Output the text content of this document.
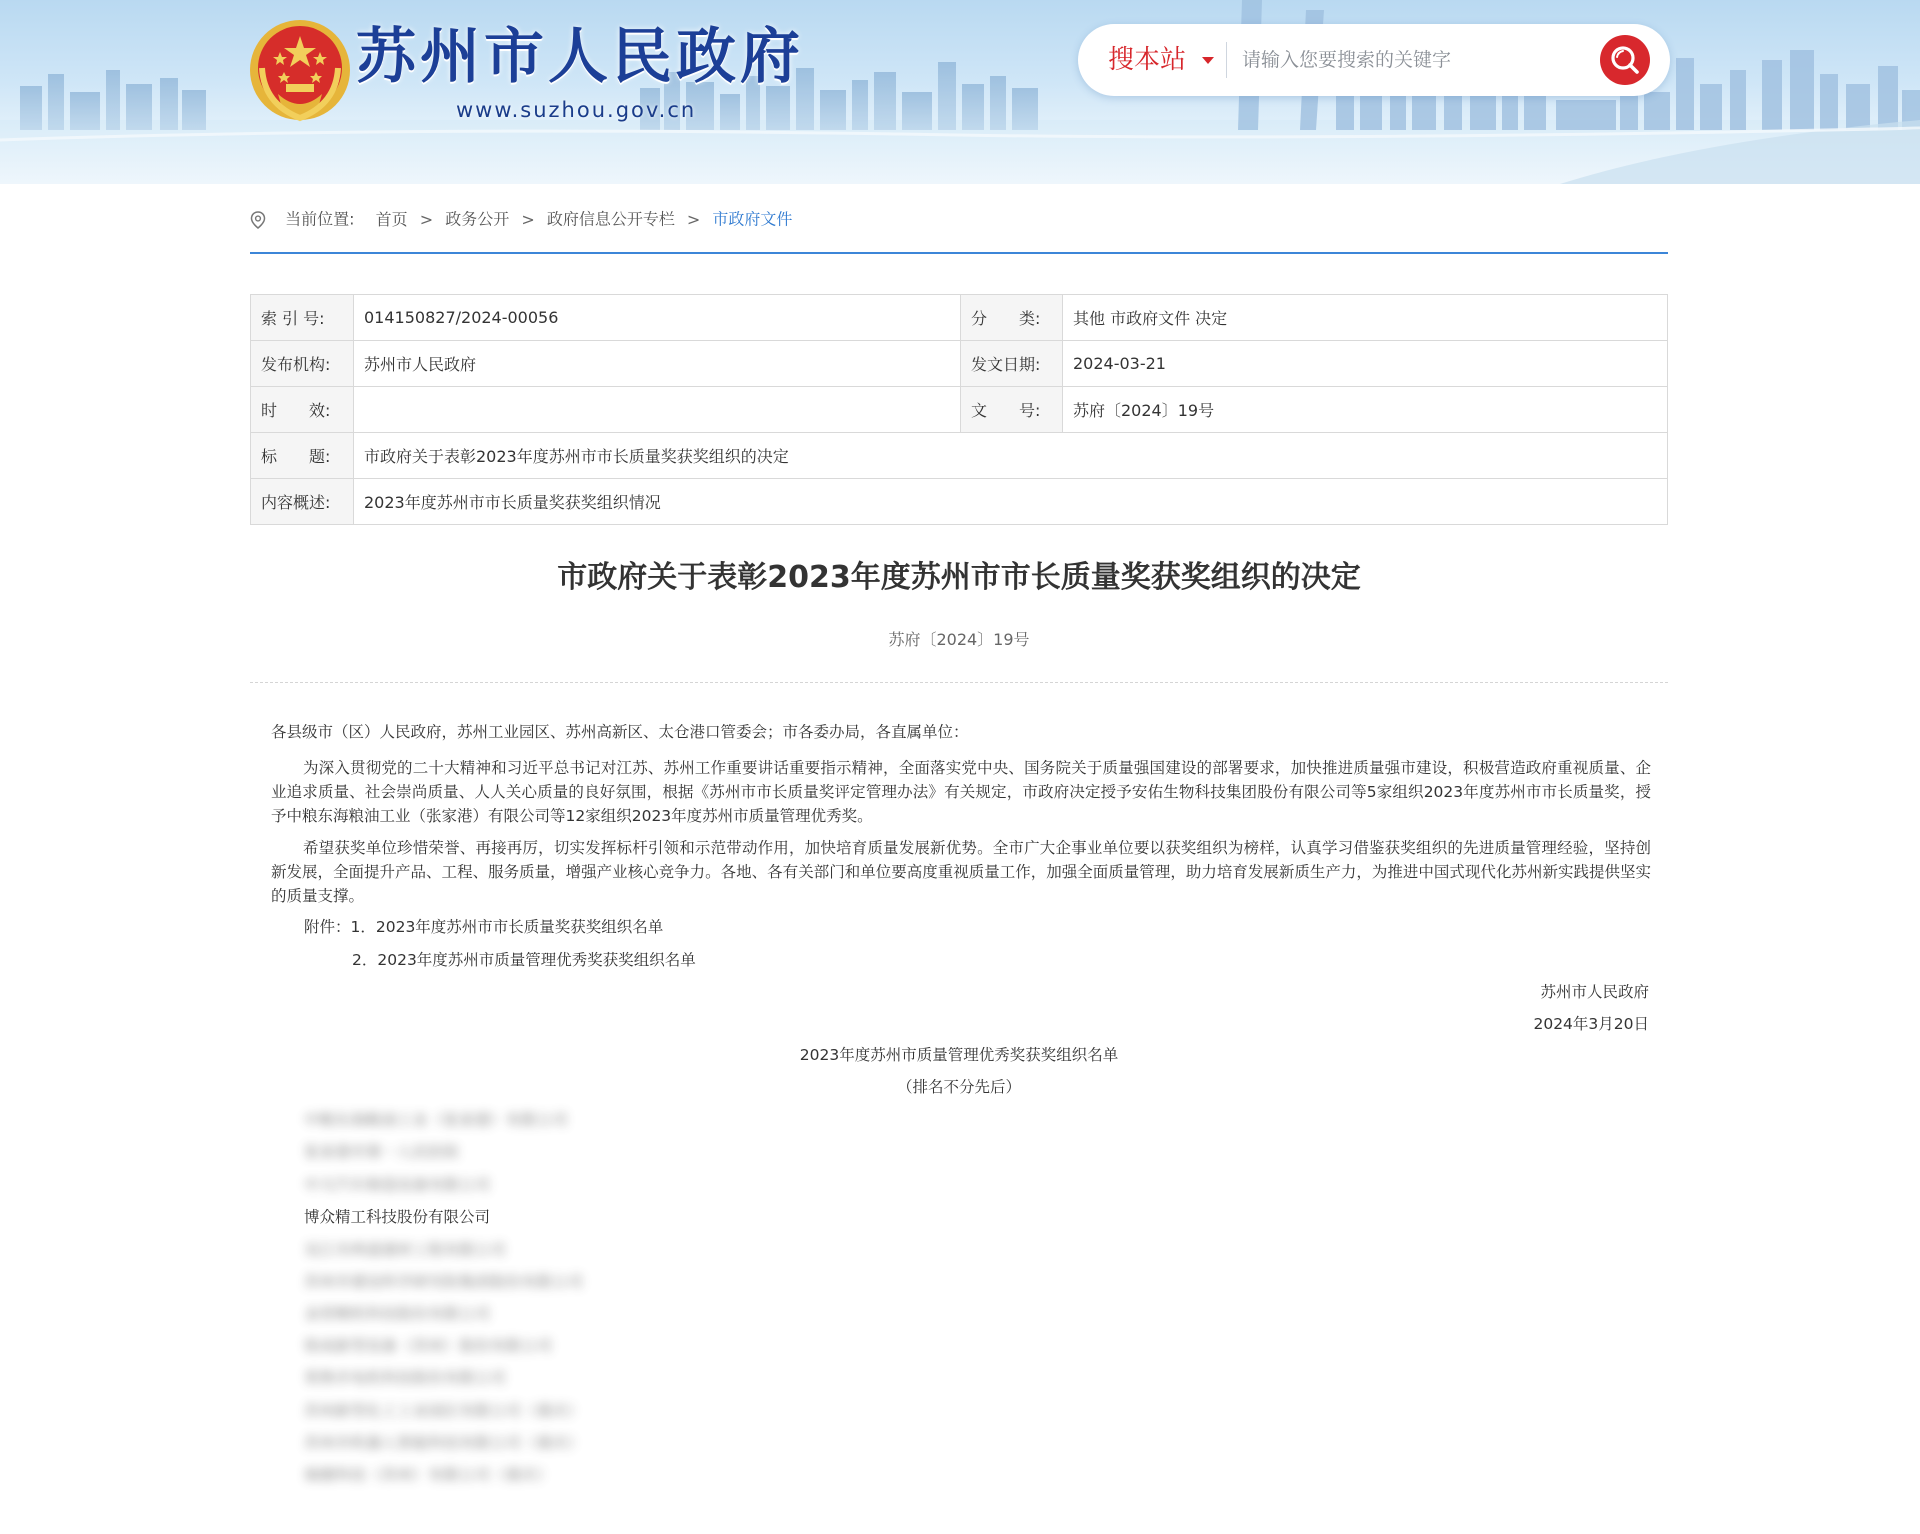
苏州市人民政府
www.suzhou.gov.cn
搜本站
请输入您要搜索的关键字
当前位置: 首页 > 政务公开 > 政府信息公开专栏 > 市政府文件
索 引 号:	014150827/2024-00056	分　　类:	其他 市政府文件 决定
发布机构:	苏州市人民政府	发文日期:	2024-03-21
时　　效:		文　　号:	苏府〔2024〕19号
标　　题:	市政府关于表彰2023年度苏州市市长质量奖获奖组织的决定		
内容概述:	2023年度苏州市市长质量奖获奖组织情况		
市政府关于表彰2023年度苏州市市长质量奖获奖组织的决定
苏府〔2024〕19号
各县级市（区）人民政府，苏州工业园区、苏州高新区、太仓港口管委会；市各委办局，各直属单位：
为深入贯彻党的二十大精神和习近平总书记对江苏、苏州工作重要讲话重要指示精神，全面落实党中央、国务院关于质量强国建设的部署要求，加快推进质量强市建设，积极营造政府重视质量、企业追求质量、社会崇尚质量、人人关心质量的良好氛围，根据《苏州市市长质量奖评定管理办法》有关规定，市政府决定授予安佑生物科技集团股份有限公司等5家组织2023年度苏州市市长质量奖，授予中粮东海粮油工业（张家港）有限公司等12家组织2023年度苏州市质量管理优秀奖。
希望获奖单位珍惜荣誉、再接再厉，切实发挥标杆引领和示范带动作用，加快培育质量发展新优势。全市广大企事业单位要以获奖组织为榜样，认真学习借鉴获奖组织的先进质量管理经验，坚持创新发展，全面提升产品、工程、服务质量，增强产业核心竞争力。各地、各有关部门和单位要高度重视质量工作，加强全面质量管理，助力培育发展新质生产力，为推进中国式现代化苏州新实践提供坚实的质量支撑。
附件：1．2023年度苏州市市长质量奖获奖组织名单
2．2023年度苏州市质量管理优秀奖获奖组织名单
苏州市人民政府
2024年3月20日
2023年度苏州市质量管理优秀奖获奖组织名单
（排名不分先后）
中粮东海粮油工业（张家港）有限公司
张家港市第一人民医院
中天汽车制造设备有限公司
博众精工科技股份有限公司
吴江市两道建材工程有限公司
苏州市建设科学研究院集团股份有限公司
金营精机科技股份有限公司
铭成新型设备（苏州）股份有限公司
常熟市电机科技股份有限公司
苏州新型化工工业园区有限公司（重庆）
苏州市机器人智能科技有限公司（重庆）
瑞德科技（苏州）有限公司（重庆）
